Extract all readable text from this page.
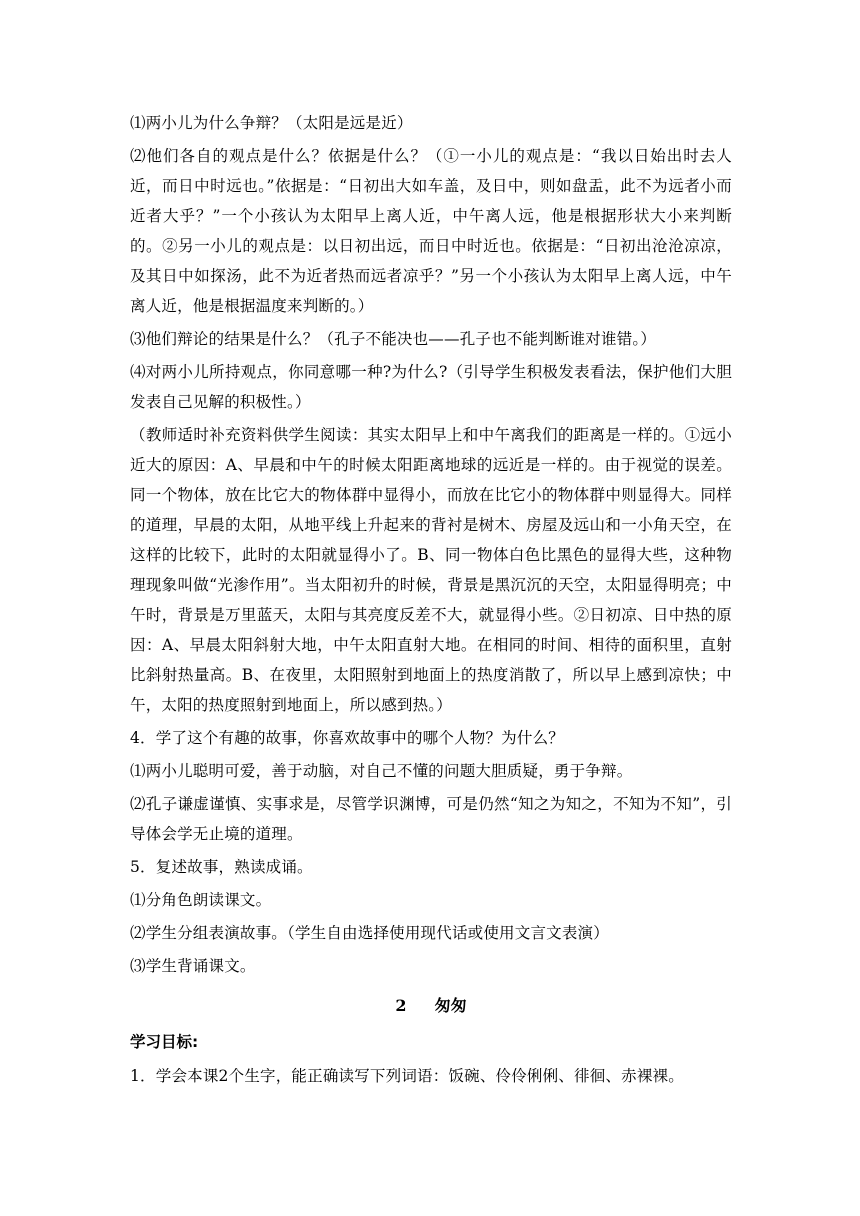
⑴两小儿为什么争辩？（太阳是远是近）

⑵他们各自的观点是什么？依据是什么？（①一小儿的观点是：“我以日始出时去人近，而日中时远也。”依据是：“日初出大如车盖，及日中，则如盘盂，此不为远者小而近者大乎？”一个小孩认为太阳早上离人近，中午离人远，他是根据形状大小来判断的。②另一小儿的观点是：以日初出远，而日中时近也。依据是：“日初出沧沧凉凉，及其日中如探汤，此不为近者热而远者凉乎？”另一个小孩认为太阳早上离人远，中午离人近，他是根据温度来判断的。）

⑶他们辩论的结果是什么？（孔子不能决也——孔子也不能判断谁对谁错。）

⑷对两小儿所持观点，你同意哪一种?为什么?（引导学生积极发表看法，保护他们大胆发表自己见解的积极性。）

（教师适时补充资料供学生阅读：其实太阳早上和中午离我们的距离是一样的。①远小近大的原因：A、早晨和中午的时候太阳距离地球的远近是一样的。由于视觉的误差。同一个物体，放在比它大的物体群中显得小，而放在比它小的物体群中则显得大。同样的道理，早晨的太阳，从地平线上升起来的背衬是树木、房屋及远山和一小角天空，在这样的比较下，此时的太阳就显得小了。B、同一物体白色比黑色的显得大些，这种物理现象叫做“光渗作用”。当太阳初升的时候，背景是黑沉沉的天空，太阳显得明亮；中午时，背景是万里蓝天，太阳与其亮度反差不大，就显得小些。②日初凉、日中热的原因：A、早晨太阳斜射大地，中午太阳直射大地。在相同的时间、相待的面积里，直射比斜射热量高。B、在夜里，太阳照射到地面上的热度消散了，所以早上感到凉快；中午，太阳的热度照射到地面上，所以感到热。）

4．学了这个有趣的故事，你喜欢故事中的哪个人物？为什么？

⑴两小儿聪明可爱，善于动脑，对自己不懂的问题大胆质疑，勇于争辩。

⑵孔子谦虚谨慎、实事求是，尽管学识渊博，可是仍然“知之为知之，不知为不知”，引导体会学无止境的道理。

5．复述故事，熟读成诵。

⑴分角色朗读课文。

⑵学生分组表演故事。（学生自由选择使用现代话或使用文言文表演）

⑶学生背诵课文。

2 匆匆
学习目标:

1．学会本课2个生字，能正确读写下列词语：饭碗、伶伶俐俐、徘徊、赤裸裸。
